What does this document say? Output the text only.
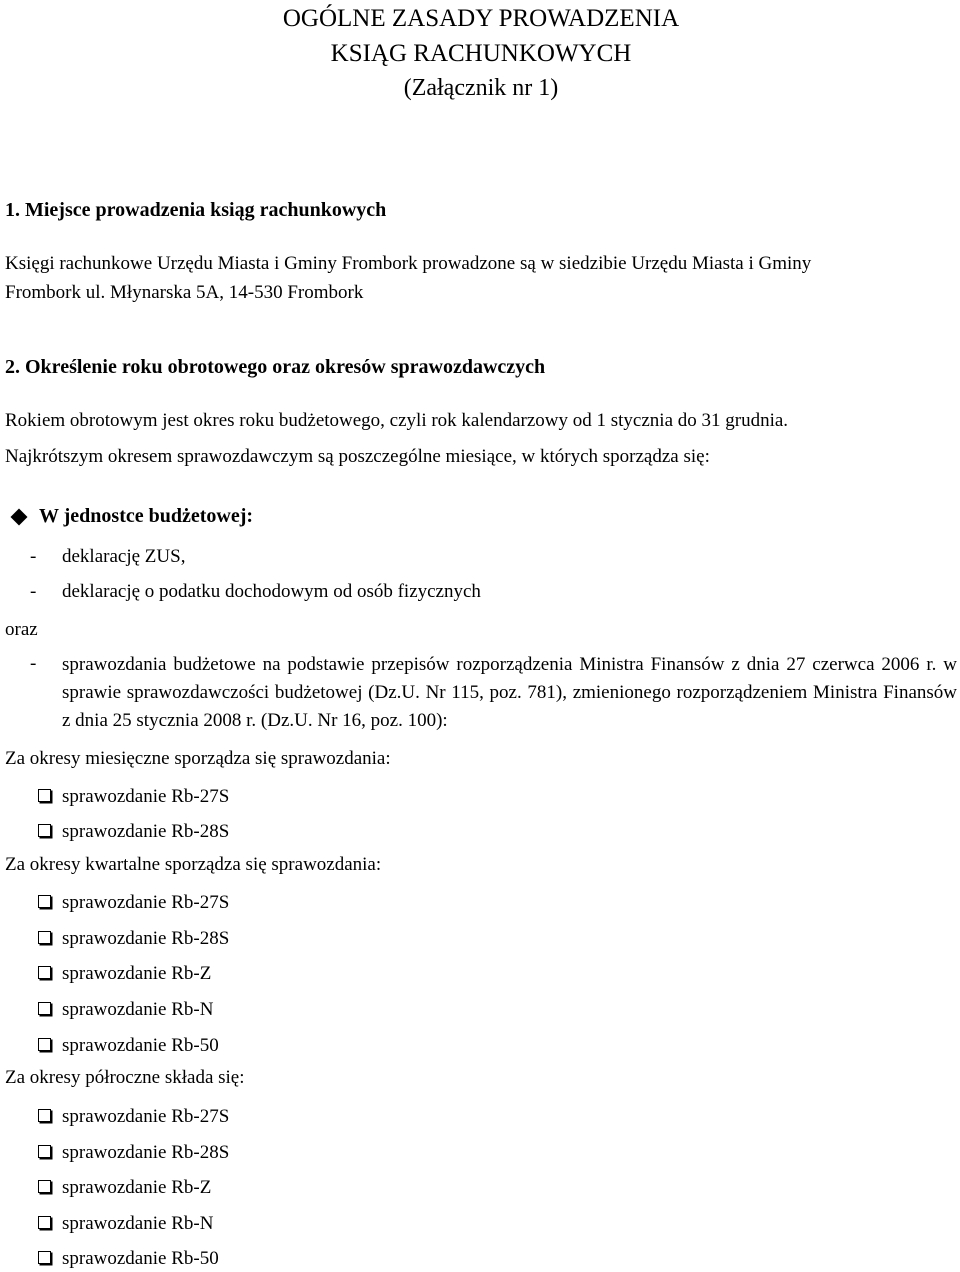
OGÓLNE ZASADY PROWADZENIA
KSIĄG RACHUNKOWYCH
(Załącznik nr 1)
1. Miejsce prowadzenia ksiąg rachunkowych
Księgi rachunkowe Urzędu Miasta i Gminy Frombork prowadzone są w siedzibie Urzędu Miasta i Gminy
Frombork ul. Młynarska 5A, 14-530 Frombork
2. Określenie roku obrotowego oraz okresów sprawozdawczych
Rokiem obrotowym jest okres roku budżetowego, czyli rok kalendarzowy od 1 stycznia do 31 grudnia.
Najkrótszym okresem sprawozdawczym są poszczególne miesiące, w których sporządza się:
W jednostce budżetowej:
- deklarację ZUS,
- deklarację o podatku dochodowym od osób fizycznych
oraz
- sprawozdania budżetowe na podstawie przepisów rozporządzenia Ministra Finansów z dnia 27 czerwca 2006 r. w sprawie sprawozdawczości budżetowej (Dz.U. Nr 115, poz. 781), zmienionego rozporządzeniem Ministra Finansów z dnia 25 stycznia 2008 r. (Dz.U. Nr 16, poz. 100):
Za okresy miesięczne sporządza się sprawozdania:
sprawozdanie Rb-27S
sprawozdanie Rb-28S
Za okresy kwartalne sporządza się sprawozdania:
sprawozdanie Rb-27S
sprawozdanie Rb-28S
sprawozdanie Rb-Z
sprawozdanie Rb-N
sprawozdanie Rb-50
Za okresy półroczne składa się:
sprawozdanie Rb-27S
sprawozdanie Rb-28S
sprawozdanie Rb-Z
sprawozdanie Rb-N
sprawozdanie Rb-50
